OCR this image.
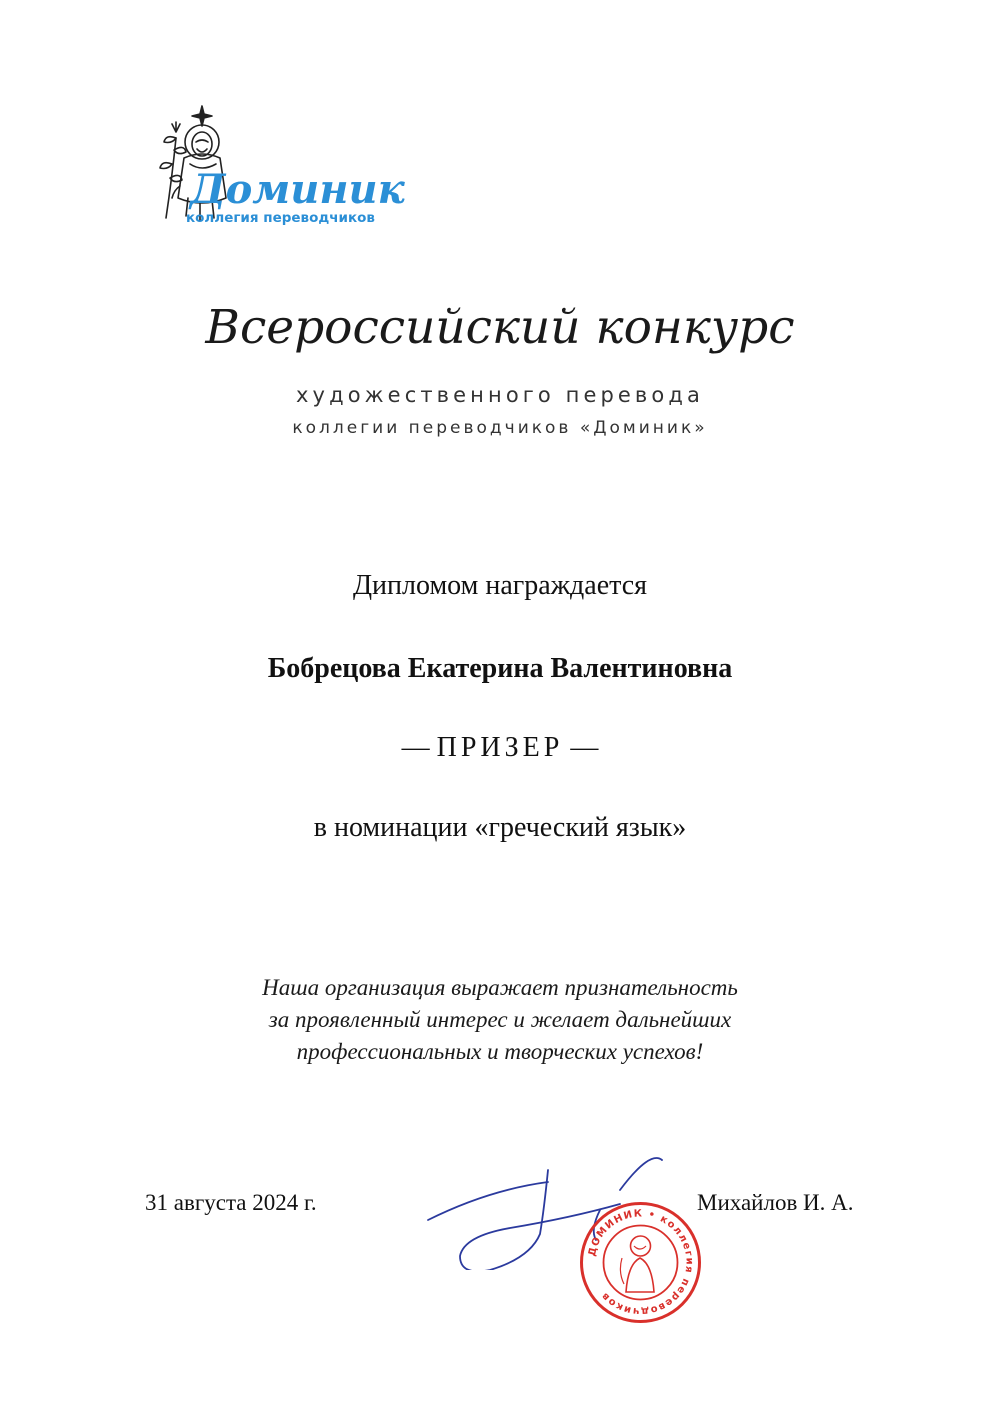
Доминик
коллегия переводчиков
Всероссийский конкурс
художественного перевода
коллегии переводчиков «Доминик»
Дипломом награждается
Бобрецова Екатерина Валентиновна
— ПРИЗЕР —
в номинации «греческий язык»
Наша организация выражает признательность
за проявленный интерес и желает дальнейших
профессиональных и творческих успехов!
31 августа 2024 г.
ДОМИНИК • коллегия переводчиков
Михайлов И. А.
